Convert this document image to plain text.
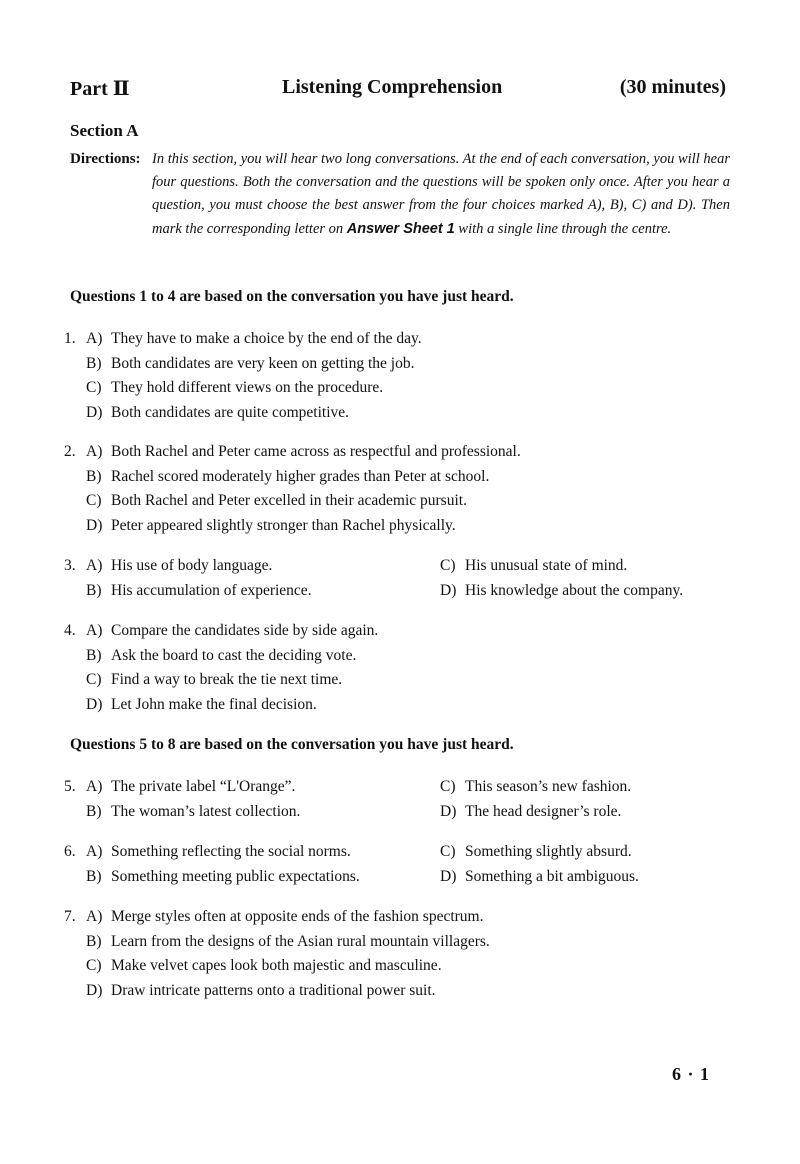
Part Ⅱ	Listening Comprehension	(30 minutes)
Section A
Directions: In this section, you will hear two long conversations. At the end of each conversation, you will hear four questions. Both the conversation and the questions will be spoken only once. After you hear a question, you must choose the best answer from the four choices marked A), B), C) and D). Then mark the corresponding letter on Answer Sheet 1 with a single line through the centre.
Questions 1 to 4 are based on the conversation you have just heard.
1. A) They have to make a choice by the end of the day.
B) Both candidates are very keen on getting the job.
C) They hold different views on the procedure.
D) Both candidates are quite competitive.
2. A) Both Rachel and Peter came across as respectful and professional.
B) Rachel scored moderately higher grades than Peter at school.
C) Both Rachel and Peter excelled in their academic pursuit.
D) Peter appeared slightly stronger than Rachel physically.
3. A) His use of body language.	C) His unusual state of mind.
B) His accumulation of experience.	D) His knowledge about the company.
4. A) Compare the candidates side by side again.
B) Ask the board to cast the deciding vote.
C) Find a way to break the tie next time.
D) Let John make the final decision.
Questions 5 to 8 are based on the conversation you have just heard.
5. A) The private label “L'Orange”.	C) This season’s new fashion.
B) The woman’s latest collection.	D) The head designer’s role.
6. A) Something reflecting the social norms.	C) Something slightly absurd.
B) Something meeting public expectations.	D) Something a bit ambiguous.
7. A) Merge styles often at opposite ends of the fashion spectrum.
B) Learn from the designs of the Asian rural mountain villagers.
C) Make velvet capes look both majestic and masculine.
D) Draw intricate patterns onto a traditional power suit.
6 · 1
